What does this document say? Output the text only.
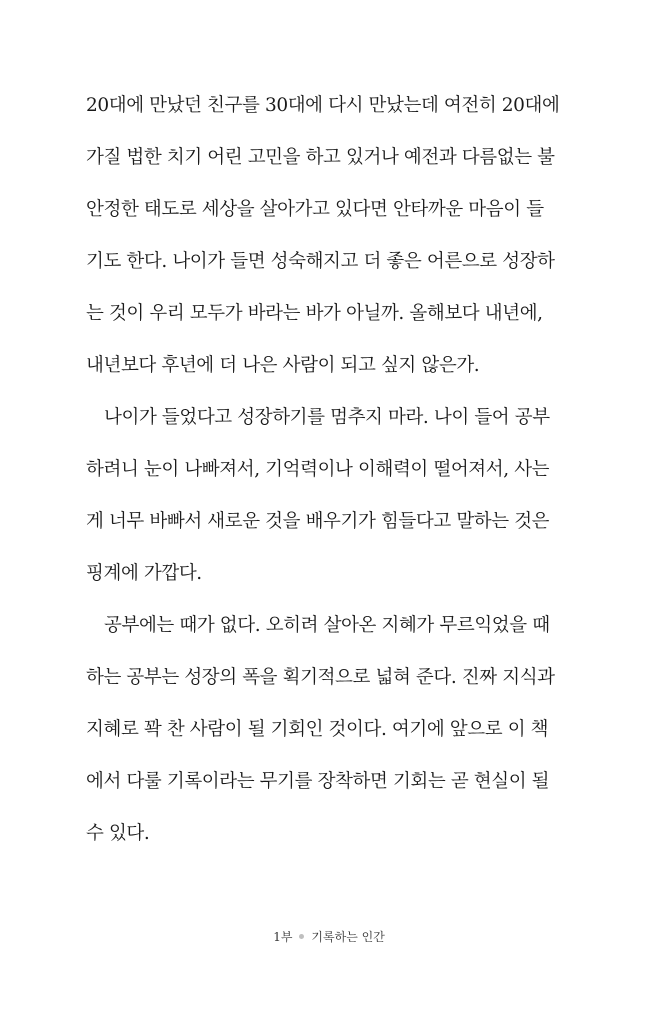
20대에 만났던 친구를 30대에 다시 만났는데 여전히 20대에
가질 법한 치기 어린 고민을 하고 있거나 예전과 다름없는 불
안정한 태도로 세상을 살아가고 있다면 안타까운 마음이 들
기도 한다. 나이가 들면 성숙해지고 더 좋은 어른으로 성장하
는 것이 우리 모두가 바라는 바가 아닐까. 올해보다 내년에,
내년보다 후년에 더 나은 사람이 되고 싶지 않은가.
나이가 들었다고 성장하기를 멈추지 마라. 나이 들어 공부
하려니 눈이 나빠져서, 기억력이나 이해력이 떨어져서, 사는
게 너무 바빠서 새로운 것을 배우기가 힘들다고 말하는 것은
핑계에 가깝다.
공부에는 때가 없다. 오히려 살아온 지혜가 무르익었을 때
하는 공부는 성장의 폭을 획기적으로 넓혀 준다. 진짜 지식과
지혜로 꽉 찬 사람이 될 기회인 것이다. 여기에 앞으로 이 책
에서 다룰 기록이라는 무기를 장착하면 기회는 곧 현실이 될
수 있다.
1부 기록하는 인간
